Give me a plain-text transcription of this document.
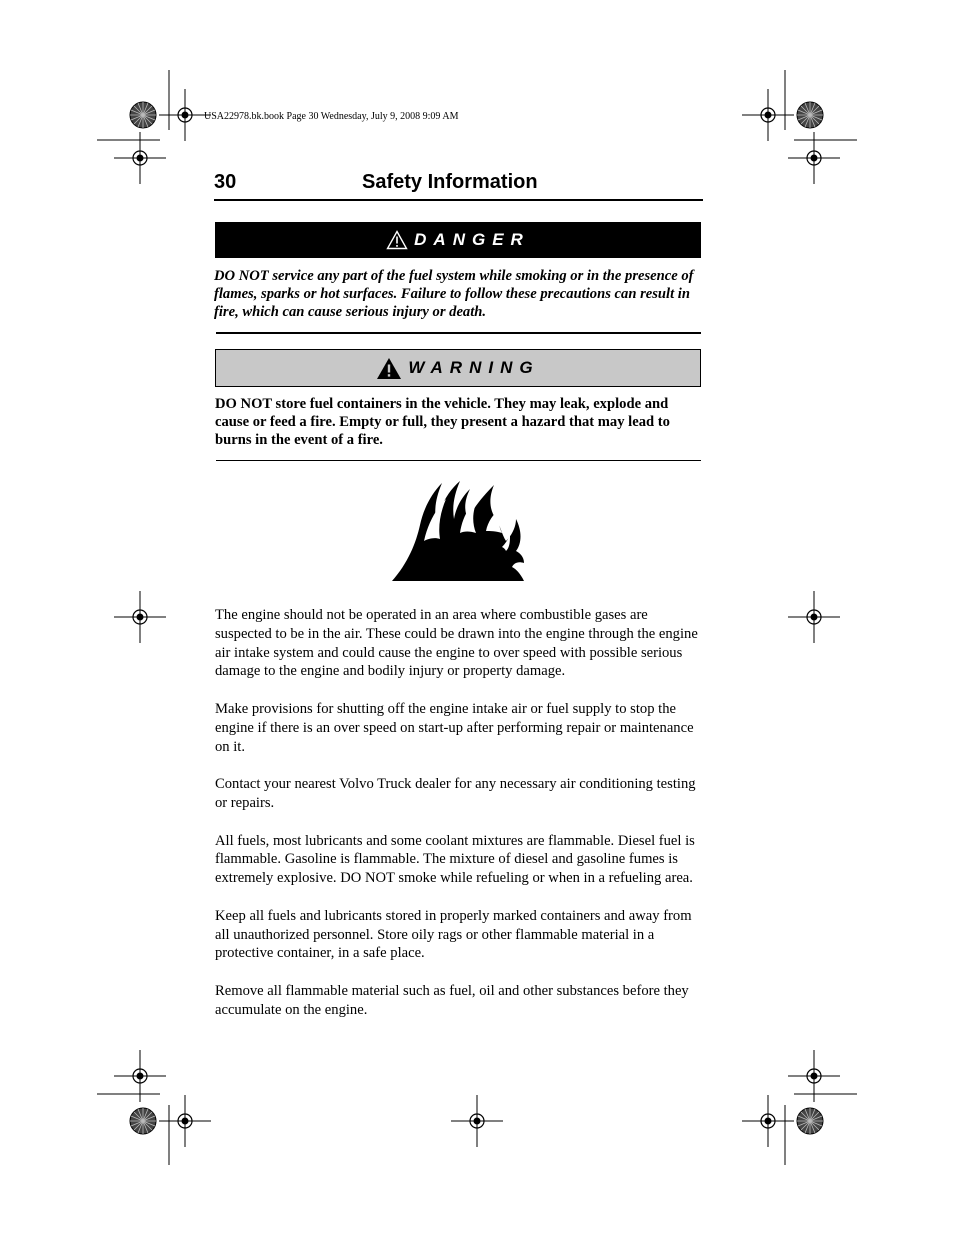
USA22978.bk.book Page 30 Wednesday, July 9, 2008 9:09 AM
30	Safety Information
DANGER
DO NOT service any part of the fuel system while smoking or in the presence of flames, sparks or hot surfaces. Failure to follow these precautions can result in fire, which can cause serious injury or death.
WARNING
DO NOT store fuel containers in the vehicle. They may leak, explode and cause or feed a fire. Empty or full, they present a hazard that may lead to burns in the event of a fire.

The engine should not be operated in an area where combustible gases are suspected to be in the air. These could be drawn into the engine through the engine air intake system and could cause the engine to over speed with possible serious damage to the engine and bodily injury or property damage.

Make provisions for shutting off the engine intake air or fuel supply to stop the engine if there is an over speed on start-up after performing repair or maintenance on it.

Contact your nearest Volvo Truck dealer for any necessary air conditioning testing or repairs.

All fuels, most lubricants and some coolant mixtures are flammable. Diesel fuel is flammable. Gasoline is flammable. The mixture of diesel and gasoline fumes is extremely explosive. DO NOT smoke while refueling or when in a refueling area.

Keep all fuels and lubricants stored in properly marked containers and away from all unauthorized personnel. Store oily rags or other flammable material in a protective container, in a safe place.

Remove all flammable material such as fuel, oil and other substances before they accumulate on the engine.
